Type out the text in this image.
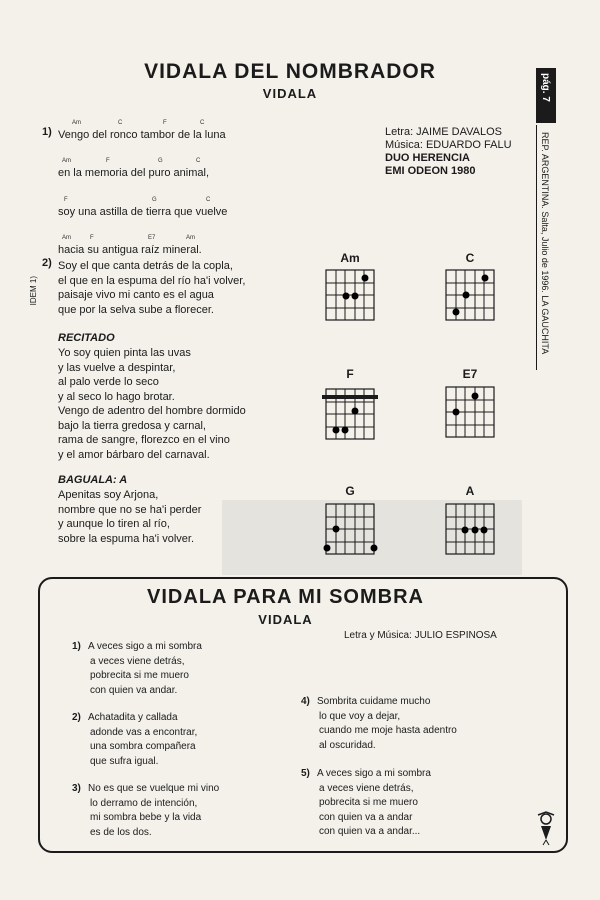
pág. 7
REP. ARGENTINA. Salta, Julio de 1996. LA GAUCHITA
VIDALA DEL NOMBRADOR
VIDALA
Letra: JAIME DAVALOS
Música: EDUARDO FALU
DUO HERENCIA
EMI ODEON 1980
1)
Am	C	F	C
Vengo del ronco tambor de la luna
Am	F	G	C
en la memoria del puro animal,
F	G	C
soy una astilla de tierra que vuelve
Am	F	E7	Am
hacia su antigua raíz mineral.
2)
IDEM 1)
Soy el que canta detrás de la copla,
el que en la espuma del río ha'i volver,
paisaje vivo mi canto es el agua
que por la selva sube a florecer.
RECITADO
Yo soy quien pinta las uvas
y las vuelve a despintar,
al palo verde lo seco
y al seco lo hago brotar.
Vengo de adentro del hombre dormido
bajo la tierra gredosa y carnal,
rama de sangre, florezco en el vino
y el amor bárbaro del carnaval.
BAGUALA: A
Apenitas soy Arjona,
nombre que no se ha'i perder
y aunque lo tiren al río,
sobre la espuma ha'i volver.
Am	C
F	E7
G	A
VIDALA PARA MI SOMBRA
VIDALA
Letra y Música: JULIO ESPINOSA
1) A veces sigo a mi sombra
a veces viene detrás,
pobrecita si me muero
con quien va andar.
2) Achatadita y callada
adonde vas a encontrar,
una sombra compañera
que sufra igual.
3) No es que se vuelque mi vino
lo derramo de intención,
mi sombra bebe y la vida
es de los dos.
4) Sombrita cuidame mucho
lo que voy a dejar,
cuando me moje hasta adentro
al oscuridad.
5) A veces sigo a mi sombra
a veces viene detrás,
pobrecita si me muero
con quien va a andar
con quien va a andar...
